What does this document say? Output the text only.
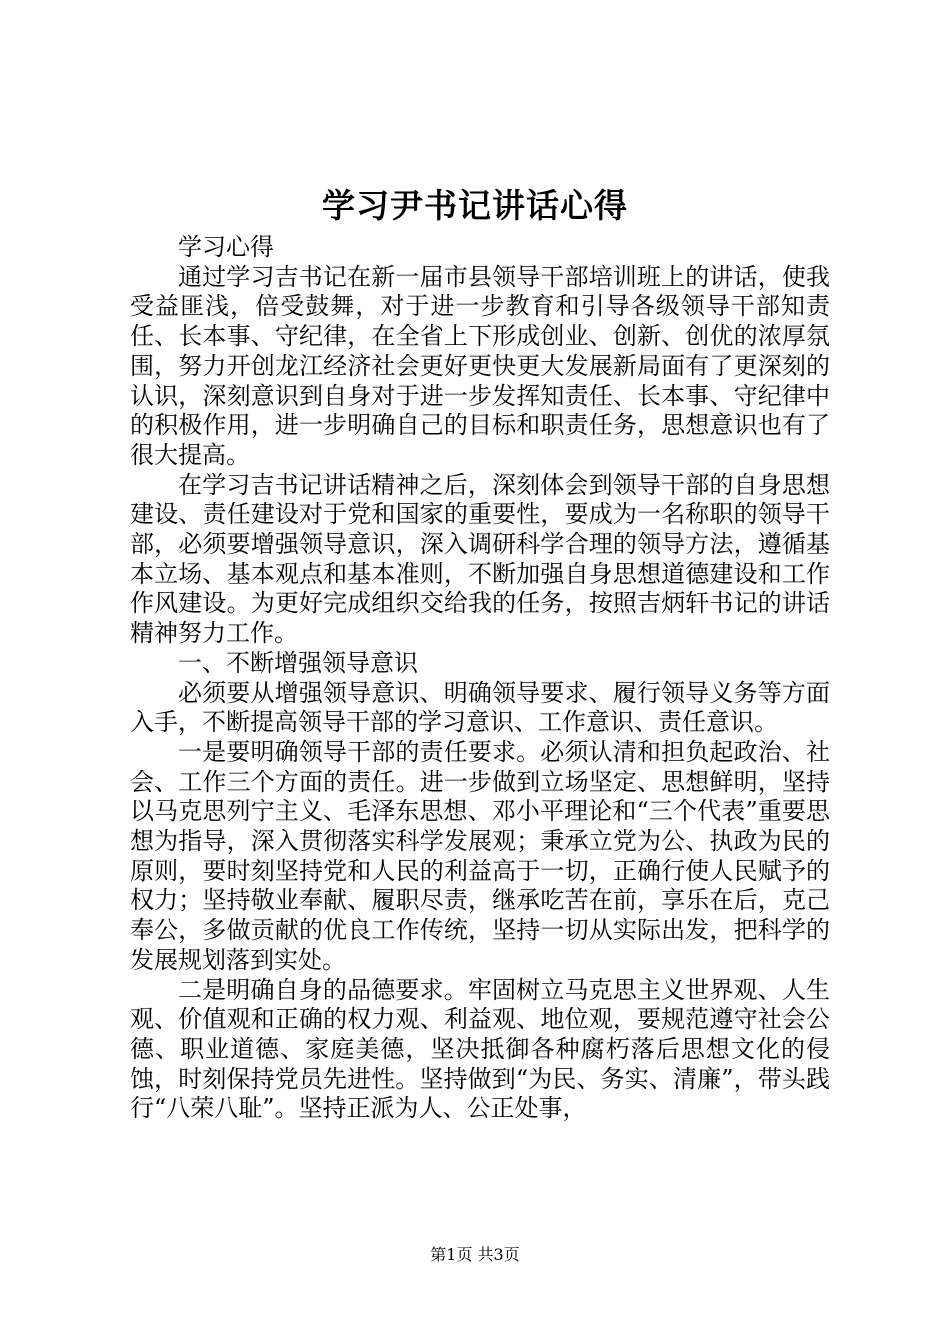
学习尹书记讲话心得

学习心得

通过学习吉书记在新一届市县领导干部培训班上的讲话，使我受益匪浅，倍受鼓舞，对于进一步教育和引导各级领导干部知责任、长本事、守纪律，在全省上下形成创业、创新、创优的浓厚氛围，努力开创龙江经济社会更好更快更大发展新局面有了更深刻的认识，深刻意识到自身对于进一步发挥知责任、长本事、守纪律中的积极作用，进一步明确自己的目标和职责任务，思想意识也有了很大提高。

在学习吉书记讲话精神之后，深刻体会到领导干部的自身思想建设、责任建设对于党和国家的重要性，要成为一名称职的领导干部，必须要增强领导意识，深入调研科学合理的领导方法，遵循基本立场、基本观点和基本准则，不断加强自身思想道德建设和工作作风建设。为更好完成组织交给我的任务，按照吉炳轩书记的讲话精神努力工作。

一、不断增强领导意识

必须要从增强领导意识、明确领导要求、履行领导义务等方面入手，不断提高领导干部的学习意识、工作意识、责任意识。

一是要明确领导干部的责任要求。必须认清和担负起政治、社会、工作三个方面的责任。进一步做到立场坚定、思想鲜明，坚持以马克思列宁主义、毛泽东思想、邓小平理论和“三个代表”重要思想为指导，深入贯彻落实科学发展观；秉承立党为公、执政为民的原则，要时刻坚持党和人民的利益高于一切，正确行使人民赋予的权力；坚持敬业奉献、履职尽责，继承吃苦在前，享乐在后，克己奉公，多做贡献的优良工作传统，坚持一切从实际出发，把科学的发展规划落到实处。

二是明确自身的品德要求。牢固树立马克思主义世界观、人生观、价值观和正确的权力观、利益观、地位观，要规范遵守社会公德、职业道德、家庭美德，坚决抵御各种腐朽落后思想文化的侵蚀，时刻保持党员先进性。坚持做到“为民、务实、清廉”，带头践行“八荣八耻”。坚持正派为人、公正处事，

第1页 共3页
